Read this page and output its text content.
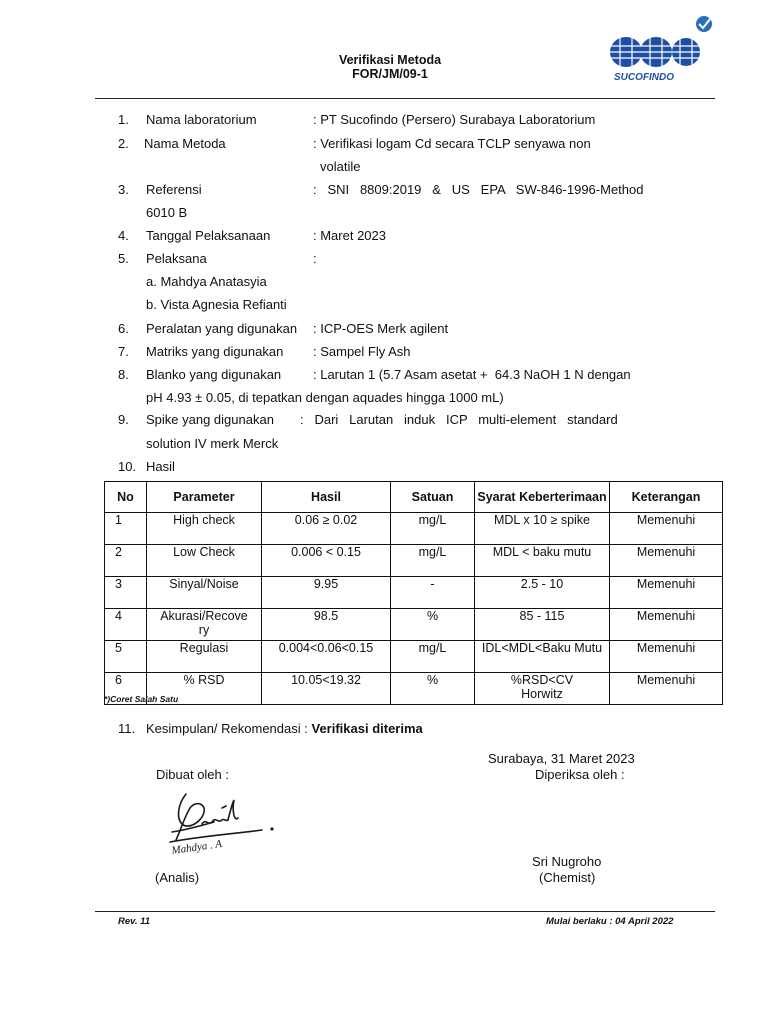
Verifikasi Metoda
FOR/JM/09-1	SUCOFINDO
1. Nama laboratorium	: PT Sucofindo (Persero) Surabaya Laboratorium
2. Nama Metoda	: Verifikasi logam Cd secara TCLP senyawa non
volatile
3. Referensi	:   SNI   8809:2019   &   US   EPA   SW-846-1996-Method
6010 B
4. Tanggal Pelaksanaan	: Maret 2023
5. Pelaksana	:
a. Mahdya Anatasyia
b. Vista Agnesia Refianti
6. Peralatan yang digunakan : ICP-OES Merk agilent
7. Matriks yang digunakan : Sampel Fly Ash
8. Blanko yang digunakan : Larutan 1 (5.7 Asam asetat +  64.3 NaOH 1 N dengan
pH 4.93 ± 0.05, di tepatkan dengan aquades hingga 1000 mL)
9. Spike yang digunakan :   Dari   Larutan   induk   ICP   multi-element   standard
solution IV merk Merck
10. Hasil
No	Parameter	Hasil	Satuan	Syarat Keberterimaan	Keterangan
1	High check	0.06 ≥ 0.02	mg/L	MDL x 10 ≥ spike	Memenuhi
2	Low Check	0.006 < 0.15	mg/L	MDL < baku mutu	Memenuhi
3	Sinyal/Noise	9.95	-	2.5 - 10	Memenuhi
4	Akurasi/Recovery	98.5	%	85 - 115	Memenuhi
5	Regulasi	0.004<0.06<0.15	mg/L	IDL<MDL<Baku Mutu	Memenuhi
6	% RSD	10.05<19.32	%	%RSD<CV Horwitz	Memenuhi
*)Coret Salah Satu
11. Kesimpulan/ Rekomendasi : Verifikasi diterima
Surabaya, 31 Maret 2023
Dibuat oleh :	Diperiksa oleh :
Mahdya . A
Sri Nugroho
(Analis)	(Chemist)
Rev. 11	Mulai berlaku : 04 April 2022
